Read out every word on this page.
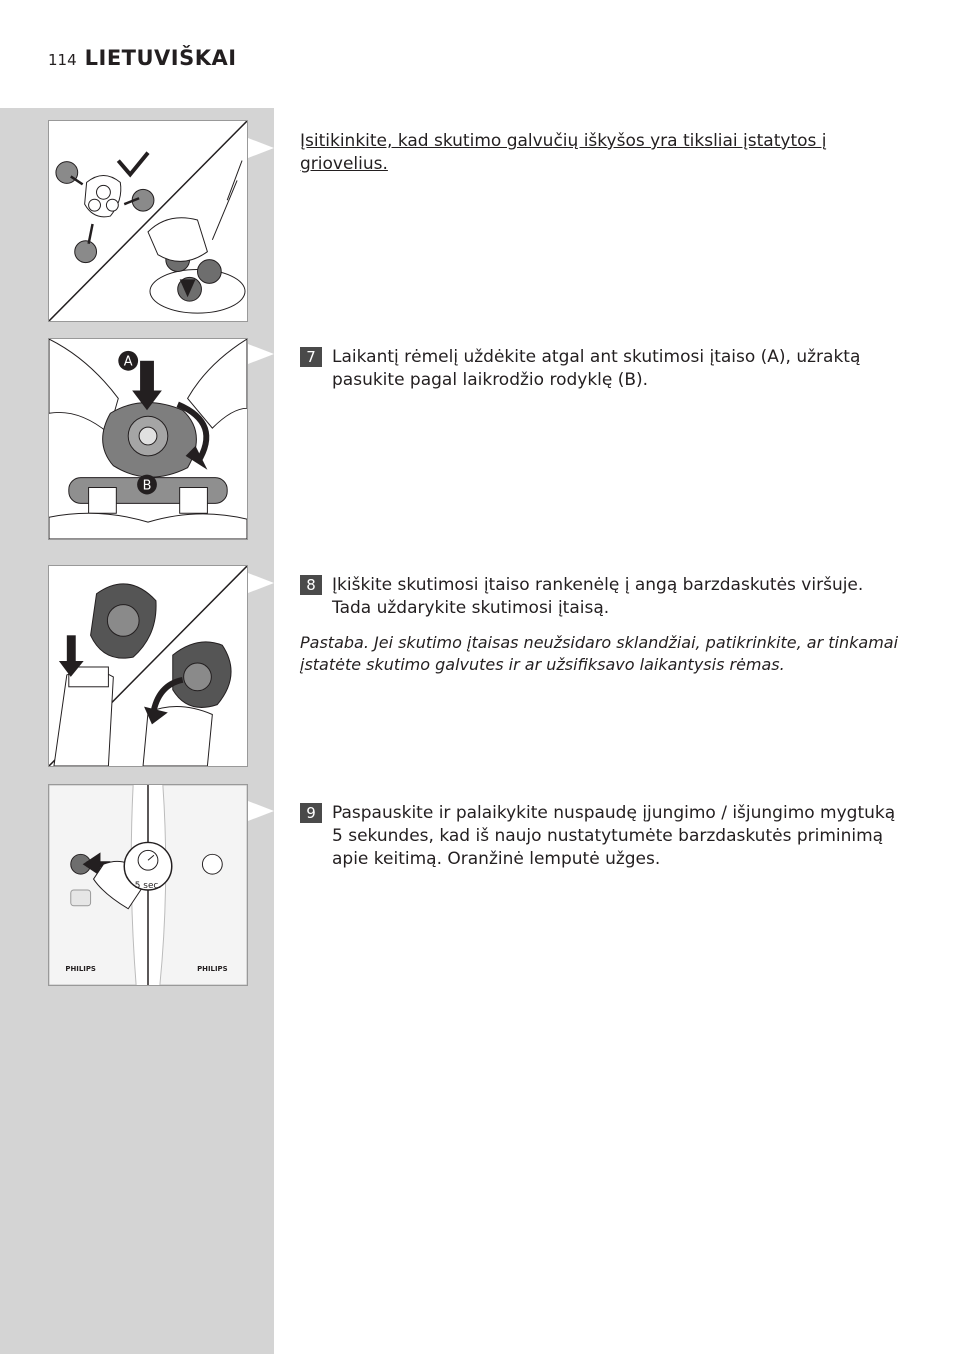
114 LIETUVIŠKAI
A
B
5 sec.
PHILIPS	PHILIPS
Įsitikinkite, kad skutimo galvučių iškyšos yra tiksliai įstatytos į griovelius.
7 Laikantį rėmelį uždėkite atgal ant skutimosi įtaiso (A), užraktą pasukite pagal laikrodžio rodyklę (B).
8 Įkiškite skutimosi įtaiso rankenėlę į angą barzdaskutės viršuje. Tada uždarykite skutimosi įtaisą.
Pastaba. Jei skutimo įtaisas neužsidaro sklandžiai, patikrinkite, ar tinkamai įstatėte skutimo galvutes ir ar užsifiksavo laikantysis rėmas.
9 Paspauskite ir palaikykite nuspaudę įjungimo / išjungimo mygtuką 5 sekundes, kad iš naujo nustatytumėte barzdaskutės priminimą apie keitimą. Oranžinė lemputė užges.
